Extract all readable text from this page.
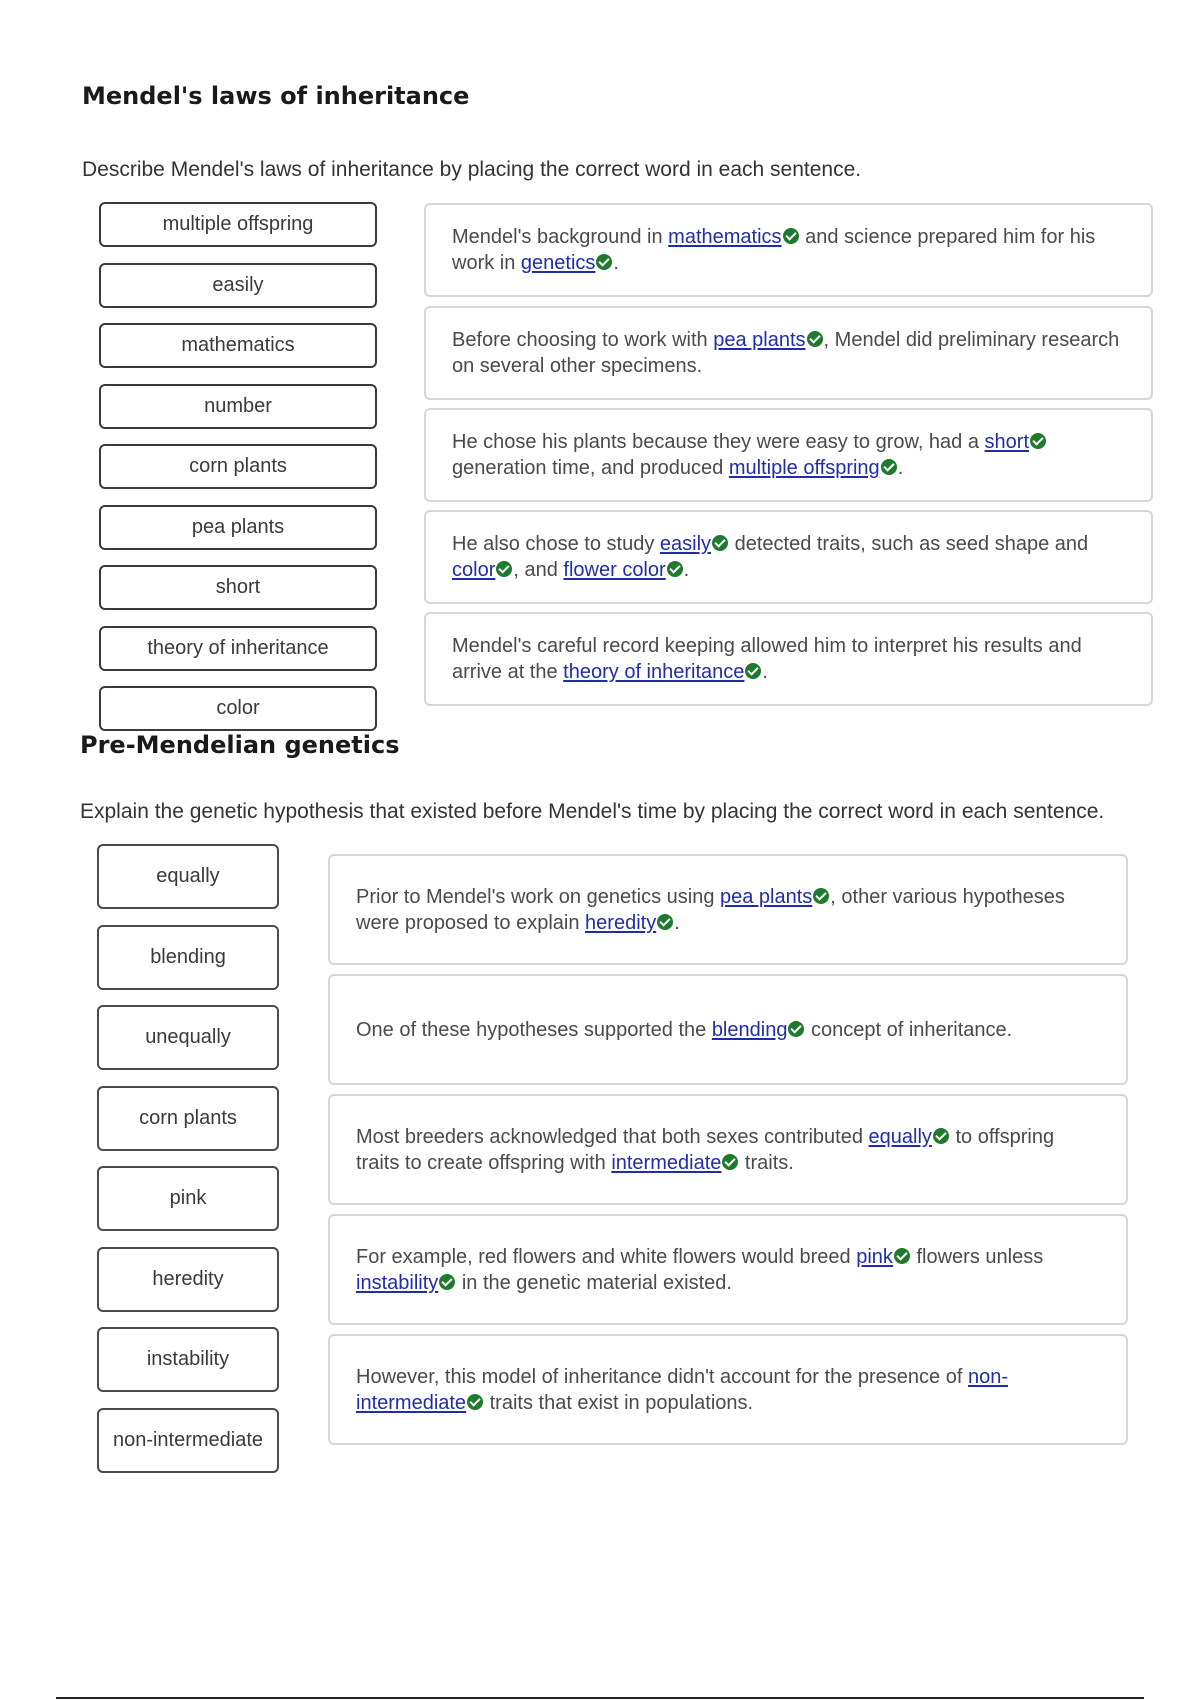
Mendel's laws of inheritance

Describe Mendel's laws of inheritance by placing the correct word in each sentence.

multiple offspring
easily
mathematics
number
corn plants
pea plants
short
theory of inheritance
color

Mendel's background in mathematics and science prepared him for his work in genetics .

Before choosing to work with pea plants , Mendel did preliminary research on several other specimens.

He chose his plants because they were easy to grow, had a short generation time, and produced multiple offspring .

He also chose to study easily detected traits, such as seed shape and color , and flower color .

Mendel's careful record keeping allowed him to interpret his results and arrive at the theory of inheritance .

Pre-Mendelian genetics

Explain the genetic hypothesis that existed before Mendel's time by placing the correct word in each sentence.

equally
blending
unequally
corn plants
pink
heredity
instability
non-intermediate

Prior to Mendel's work on genetics using pea plants , other various hypotheses were proposed to explain heredity .

One of these hypotheses supported the blending concept of inheritance.

Most breeders acknowledged that both sexes contributed equally to offspring traits to create offspring with intermediate traits.

For example, red flowers and white flowers would breed pink flowers unless instability in the genetic material existed.

However, this model of inheritance didn't account for the presence of non-intermediate traits that exist in populations.
